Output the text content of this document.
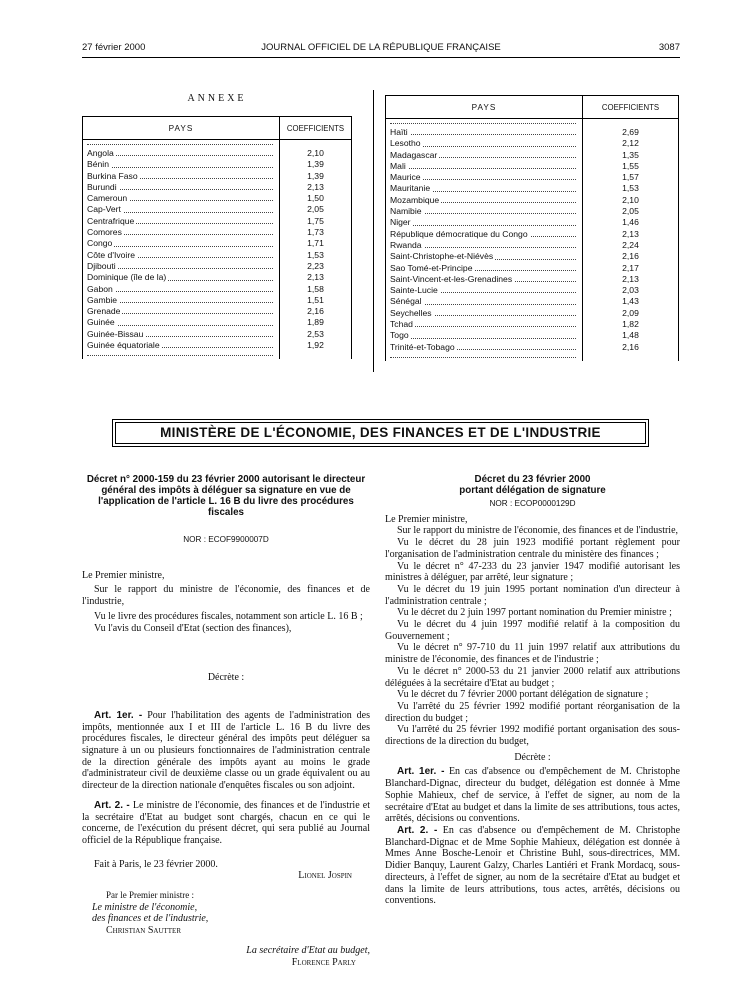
27 février 2000	JOURNAL OFFICIEL DE LA RÉPUBLIQUE FRANÇAISE	3087
ANNEXE
PAYS	COEFFICIENTS

Angola	2,10
Bénin	1,39
Burkina Faso	1,39
Burundi	2,13
Cameroun	1,50
Cap-Vert	2,05
Centrafrique	1,75
Comores	1,73
Congo	1,71
Côte d'Ivoire	1,53
Djibouti	2,23
Dominique (île de la)	2,13
Gabon	1,58
Gambie	1,51
Grenade	2,16
Guinée	1,89
Guinée-Bissau	2,53
Guinée équatoriale	1,92

PAYS	COEFFICIENTS

Haïti	2,69
Lesotho	2,12
Madagascar	1,35
Mali	1,55
Maurice	1,57
Mauritanie	1,53
Mozambique	2,10
Namibie	2,05
Niger	1,46
République démocratique du Congo	2,13
Rwanda	2,24
Saint-Christophe-et-Niévès	2,16
Sao Tomé-et-Principe	2,17
Saint-Vincent-et-les-Grenadines	2,13
Sainte-Lucie	2,03
Sénégal	1,43
Seychelles	2,09
Tchad	1,82
Togo	1,48
Trinité-et-Tobago	2,16

MINISTÈRE DE L'ÉCONOMIE, DES FINANCES ET DE L'INDUSTRIE

Décret n° 2000-159 du 23 février 2000 autorisant le directeur général des impôts à déléguer sa signature en vue de l'application de l'article L. 16 B du livre des procédures fiscales

NOR : ECOF9900007D

Le Premier ministre,

Sur le rapport du ministre de l'économie, des finances et de l'industrie,

Vu le livre des procédures fiscales, notamment son article L. 16 B ;

Vu l'avis du Conseil d'Etat (section des finances),

Décrète :

Art. 1er. - Pour l'habilitation des agents de l'administration des impôts, mentionnée aux I et III de l'article L. 16 B du livre des procédures fiscales, le directeur général des impôts peut déléguer sa signature à un ou plusieurs fonctionnaires de l'administration centrale de la direction générale des impôts ayant au moins le grade d'administrateur civil de deuxième classe ou un grade équivalent ou au directeur de la direction nationale d'enquêtes fiscales ou son adjoint.

Art. 2. - Le ministre de l'économie, des finances et de l'industrie et la secrétaire d'Etat au budget sont chargés, chacun en ce qui le concerne, de l'exécution du présent décret, qui sera publié au Journal officiel de la République française.

Fait à Paris, le 23 février 2000.

Lionel Jospin

Par le Premier ministre :

Le ministre de l'économie,

des finances et de l'industrie,

Christian Sautter

La secrétaire d'Etat au budget,

Florence Parly

Décret du 23 février 2000

portant délégation de signature

NOR : ECOP0000129D

Le Premier ministre,

Sur le rapport du ministre de l'économie, des finances et de l'industrie,

Vu le décret du 28 juin 1923 modifié portant règlement pour l'organisation de l'administration centrale du ministère des finances ;

Vu le décret n° 47-233 du 23 janvier 1947 modifié autorisant les ministres à déléguer, par arrêté, leur signature ;

Vu le décret du 19 juin 1995 portant nomination d'un directeur à l'administration centrale ;

Vu le décret du 2 juin 1997 portant nomination du Premier ministre ;

Vu le décret du 4 juin 1997 modifié relatif à la composition du Gouvernement ;

Vu le décret n° 97-710 du 11 juin 1997 relatif aux attributions du ministre de l'économie, des finances et de l'industrie ;

Vu le décret n° 2000-53 du 21 janvier 2000 relatif aux attributions déléguées à la secrétaire d'Etat au budget ;

Vu le décret du 7 février 2000 portant délégation de signature ;

Vu l'arrêté du 25 février 1992 modifié portant réorganisation de la direction du budget ;

Vu l'arrêté du 25 février 1992 modifié portant organisation des sous-directions de la direction du budget,

Décrète :

Art. 1er. - En cas d'absence ou d'empêchement de M. Christophe Blanchard-Dignac, directeur du budget, délégation est donnée à Mme Sophie Mahieux, chef de service, à l'effet de signer, au nom de la secrétaire d'Etat au budget et dans la limite de ses attributions, tous actes, arrêtés, décisions ou conventions.

Art. 2. - En cas d'absence ou d'empêchement de M. Christophe Blanchard-Dignac et de Mme Sophie Mahieux, délégation est donnée à Mmes Anne Bosche-Lenoir et Christine Buhl, sous-directrices, MM. Didier Banquy, Laurent Galzy, Charles Lantiéri et Frank Mordacq, sous-directeurs, à l'effet de signer, au nom de la secrétaire d'Etat au budget et dans la limite de leurs attributions, tous actes, arrêtés, décisions ou conventions.
